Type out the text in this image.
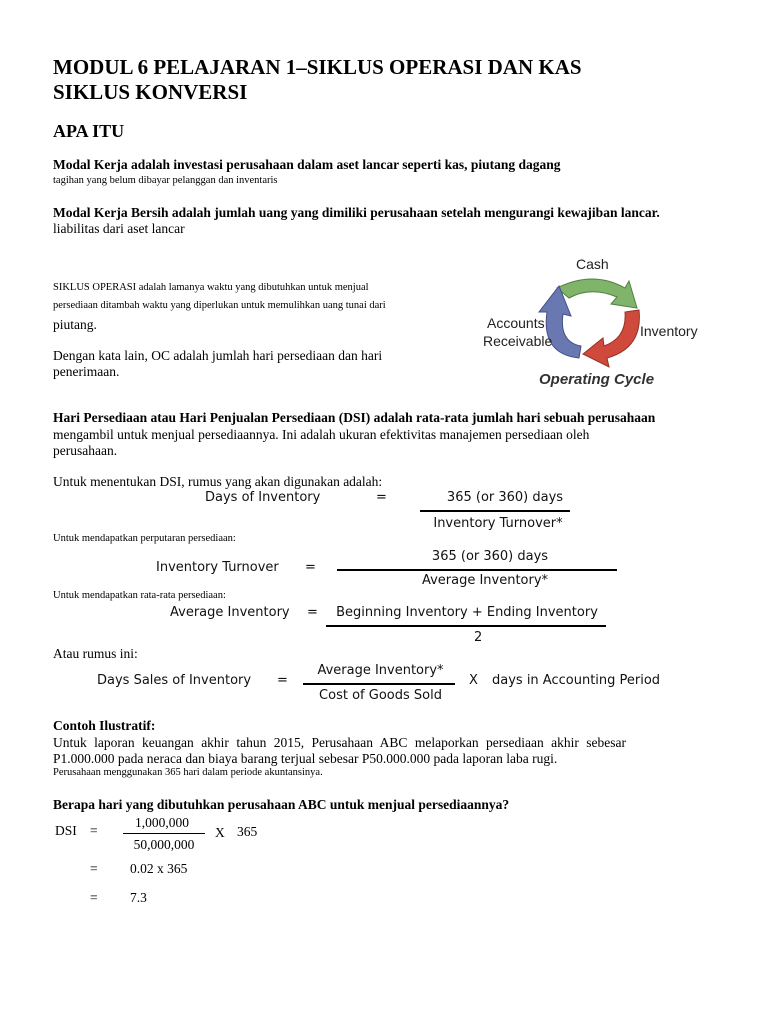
MODUL 6 PELAJARAN 1–SIKLUS OPERASI DAN KAS
SIKLUS KONVERSI
APA ITU
Modal Kerja adalah investasi perusahaan dalam aset lancar seperti kas, piutang dagang
tagihan yang belum dibayar pelanggan dan inventaris
Modal Kerja Bersih adalah jumlah uang yang dimiliki perusahaan setelah mengurangi kewajiban lancar.
liabilitas dari aset lancar
SIKLUS OPERASI adalah lamanya waktu yang dibutuhkan untuk menjual
persediaan ditambah waktu yang diperlukan untuk memulihkan uang tunai dari
piutang.
Dengan kata lain, OC adalah jumlah hari persediaan dan hari
penerimaan.
Cash
Inventory
Accounts
Receivable
Operating Cycle
Hari Persediaan atau Hari Penjualan Persediaan (DSI) adalah rata-rata jumlah hari sebuah perusahaan
mengambil untuk menjual persediaannya. Ini adalah ukuran efektivitas manajemen persediaan oleh
perusahaan.
Untuk menentukan DSI, rumus yang akan digunakan adalah:
Days of Inventory	=	365 (or 360) days
Inventory Turnover*
Untuk mendapatkan perputaran persediaan:
Inventory Turnover =
365 (or 360) days
Average Inventory*
Untuk mendapatkan rata-rata persediaan:
Average Inventory =	Beginning Inventory + Ending Inventory
2
Atau rumus ini:
Days Sales of Inventory =
Average Inventory*
Cost of Goods Sold
X days in Accounting Period
Contoh Ilustratif:
Untuk laporan keuangan akhir tahun 2015, Perusahaan ABC melaporkan persediaan akhir sebesar
P1.000.000 pada neraca dan biaya barang terjual sebesar P50.000.000 pada laporan laba rugi.
Perusahaan menggunakan 365 hari dalam periode akuntansinya.
Berapa hari yang dibutuhkan perusahaan ABC untuk menjual persediaannya?
DSI =
1,000,000
50,000,000
X 365
= 0.02 x 365
= 7.3
